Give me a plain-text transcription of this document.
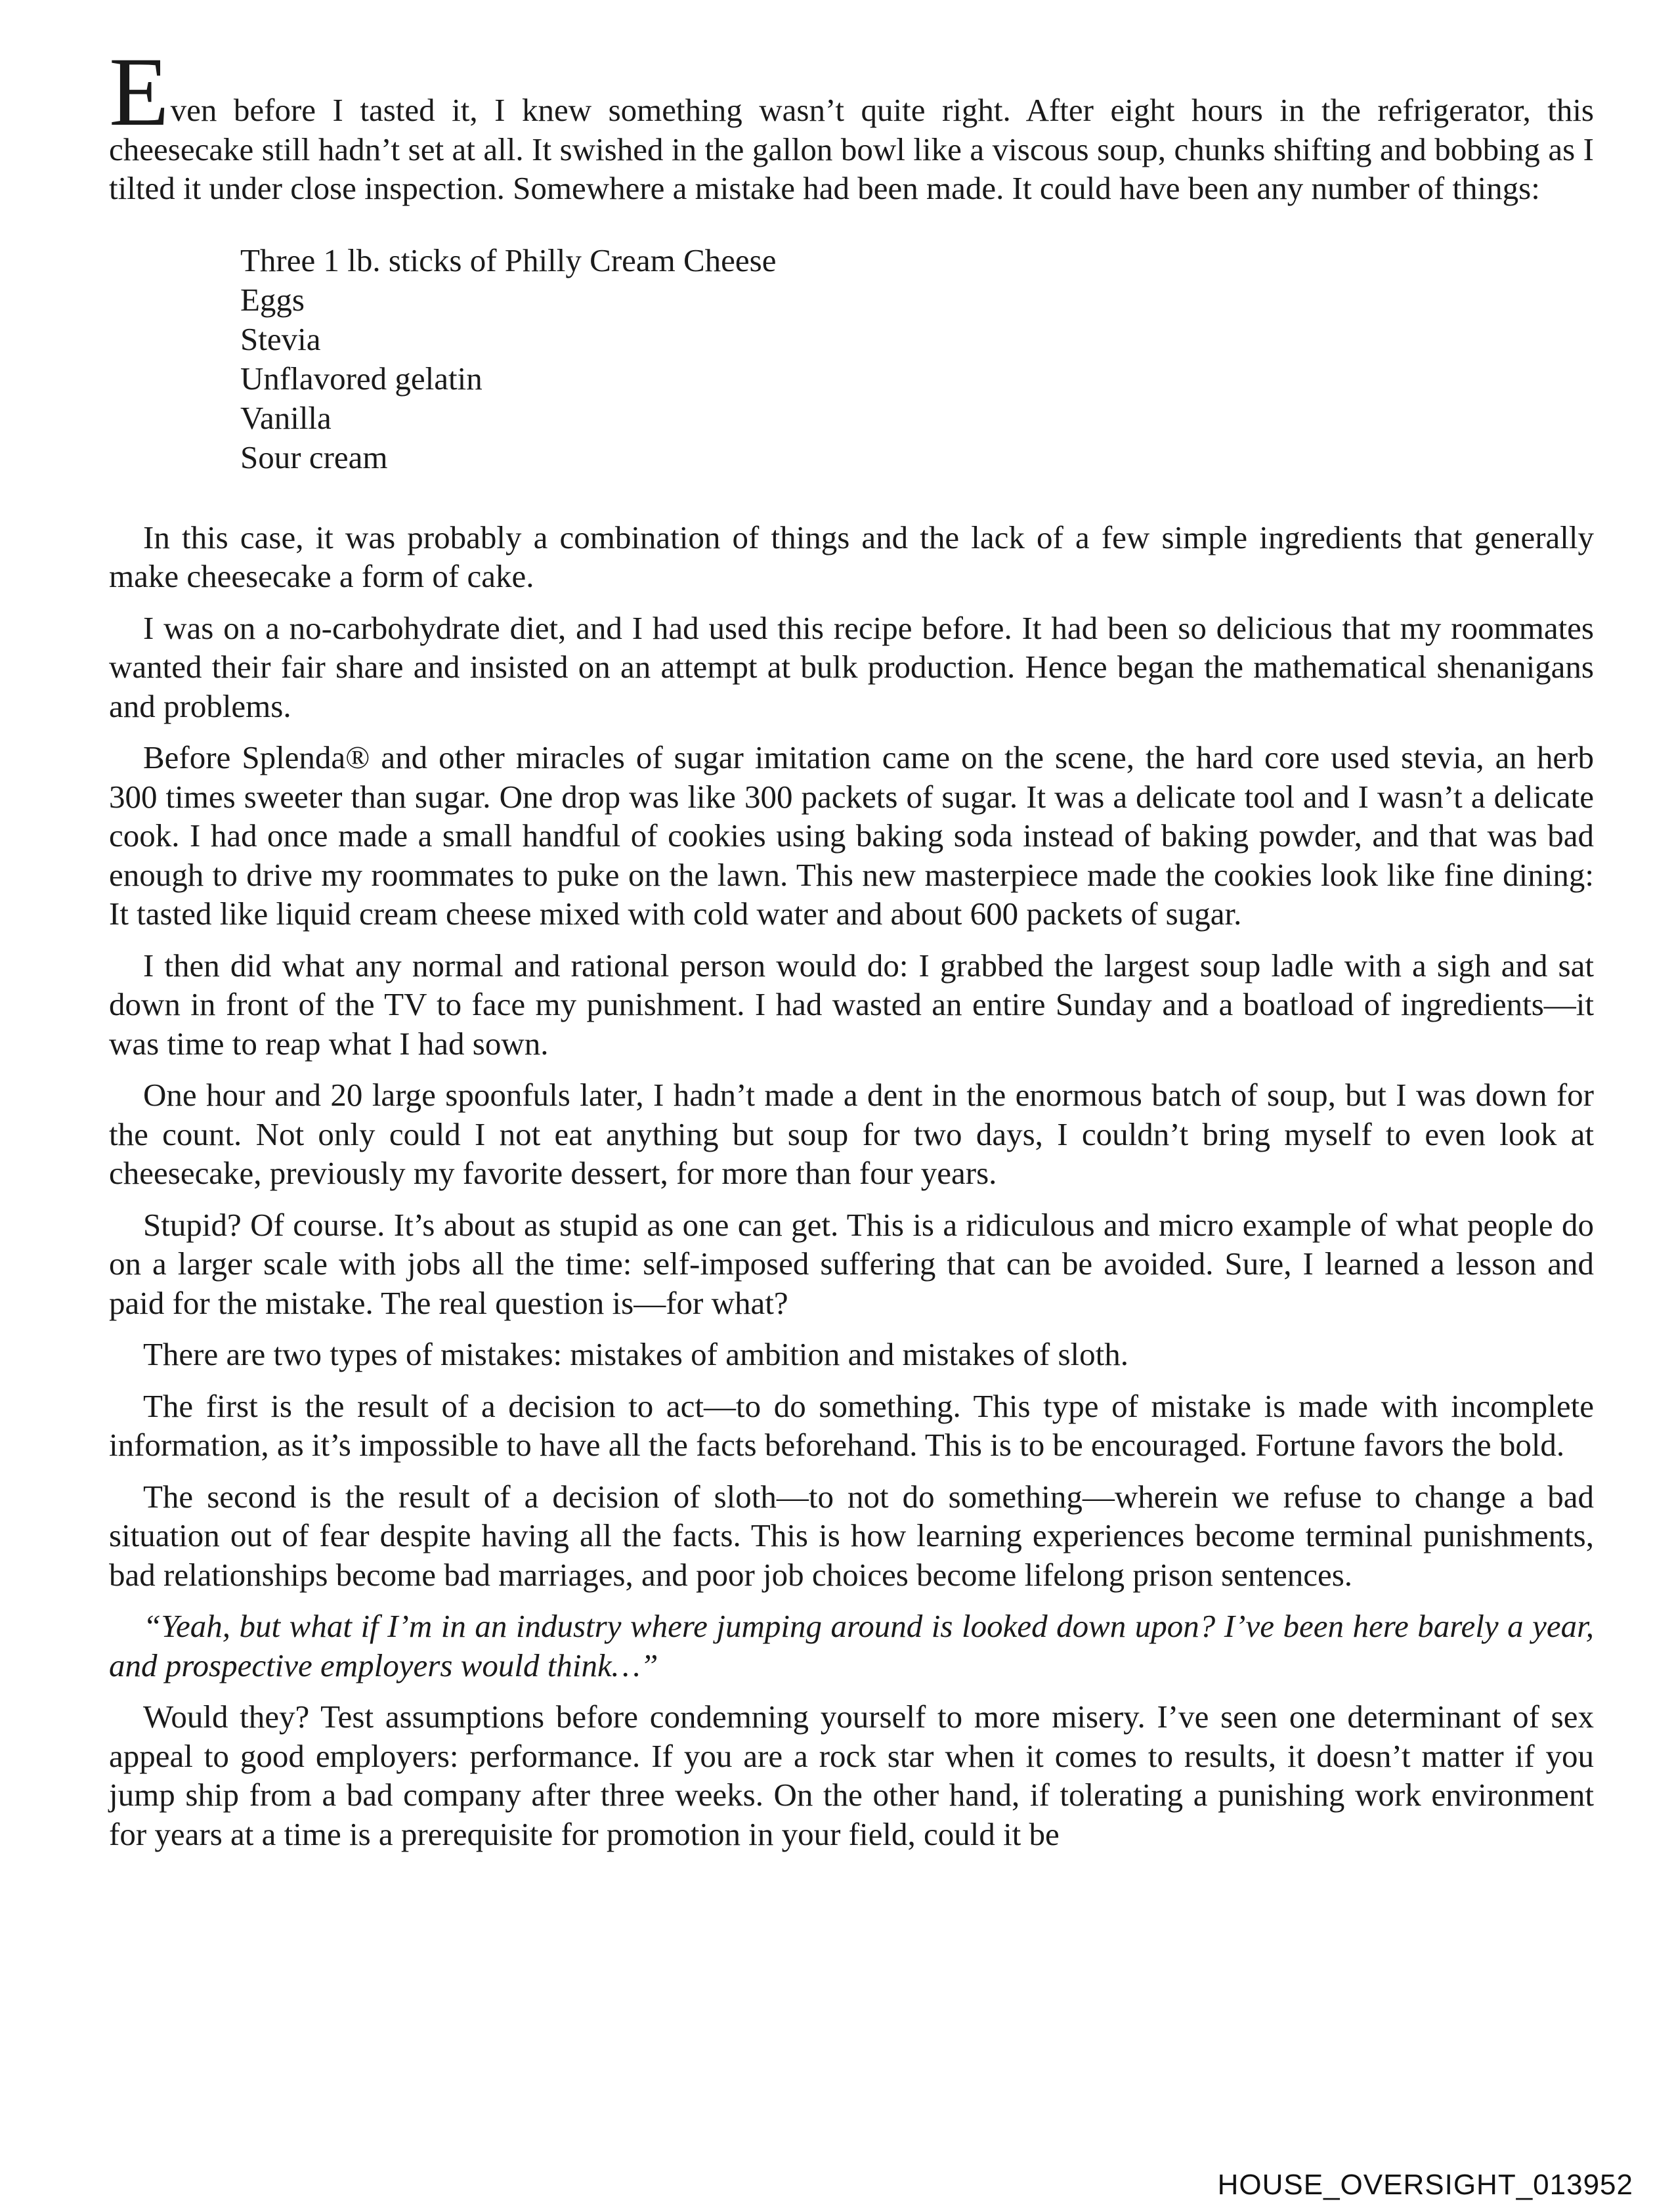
Even before I tasted it, I knew something wasn’t quite right. After eight hours in the refrigerator, this cheesecake still hadn’t set at all. It swished in the gallon bowl like a viscous soup, chunks shifting and bobbing as I tilted it under close inspection. Somewhere a mistake had been made. It could have been any number of things:

Three 1 lb. sticks of Philly Cream Cheese
Eggs
Stevia
Unflavored gelatin
Vanilla
Sour cream

In this case, it was probably a combination of things and the lack of a few simple ingredients that generally make cheesecake a form of cake.

I was on a no-carbohydrate diet, and I had used this recipe before. It had been so delicious that my roommates wanted their fair share and insisted on an attempt at bulk production. Hence began the mathematical shenanigans and problems.

Before Splenda® and other miracles of sugar imitation came on the scene, the hard core used stevia, an herb 300 times sweeter than sugar. One drop was like 300 packets of sugar. It was a delicate tool and I wasn’t a delicate cook. I had once made a small handful of cookies using baking soda instead of baking powder, and that was bad enough to drive my roommates to puke on the lawn. This new masterpiece made the cookies look like fine dining: It tasted like liquid cream cheese mixed with cold water and about 600 packets of sugar.

I then did what any normal and rational person would do: I grabbed the largest soup ladle with a sigh and sat down in front of the TV to face my punishment. I had wasted an entire Sunday and a boatload of ingredients—it was time to reap what I had sown.

One hour and 20 large spoonfuls later, I hadn’t made a dent in the enormous batch of soup, but I was down for the count. Not only could I not eat anything but soup for two days, I couldn’t bring myself to even look at cheesecake, previously my favorite dessert, for more than four years.

Stupid? Of course. It’s about as stupid as one can get. This is a ridiculous and micro example of what people do on a larger scale with jobs all the time: self-imposed suffering that can be avoided. Sure, I learned a lesson and paid for the mistake. The real question is—for what?

There are two types of mistakes: mistakes of ambition and mistakes of sloth.

The first is the result of a decision to act—to do something. This type of mistake is made with incomplete information, as it’s impossible to have all the facts beforehand. This is to be encouraged. Fortune favors the bold.

The second is the result of a decision of sloth—to not do something—wherein we refuse to change a bad situation out of fear despite having all the facts. This is how learning experiences become terminal punishments, bad relationships become bad marriages, and poor job choices become lifelong prison sentences.

“Yeah, but what if I’m in an industry where jumping around is looked down upon? I’ve been here barely a year, and prospective employers would think…”

Would they? Test assumptions before condemning yourself to more misery. I’ve seen one determinant of sex appeal to good employers: performance. If you are a rock star when it comes to results, it doesn’t matter if you jump ship from a bad company after three weeks. On the other hand, if tolerating a punishing work environment for years at a time is a prerequisite for promotion in your field, could it be

HOUSE_OVERSIGHT_013952
